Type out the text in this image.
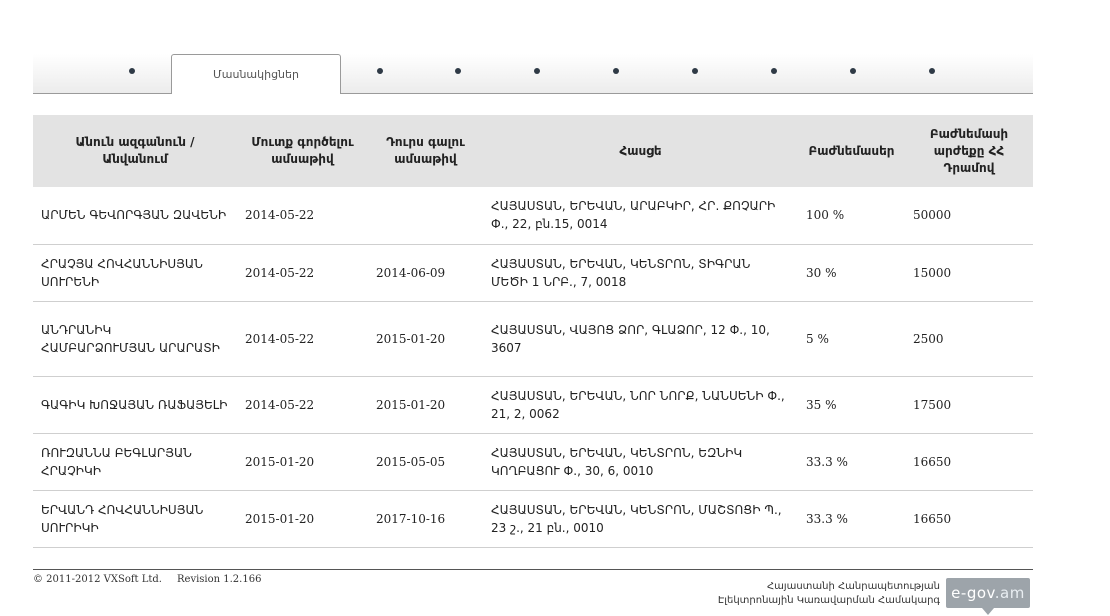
Մասնակիցներ
Անուն ազգանուն / Անվանում	Մուտք գործելու ամսաթիվ	Դուրս գալու ամսաթիվ	Հասցե	Բաժնեմասեր	Բաժնեմասի արժեքը ՀՀ Դրամով
ԱՐՄԵՆ ԳԵՎՈՐԳՅԱՆ ԶԱՎԵՆԻ	2014-05-22		ՀԱՅԱՍՏԱՆ, ԵՐԵՎԱՆ, ԱՐԱԲԿԻՐ, ՀՐ. ՔՈՉԱՐԻ Փ., 22, բն.15, 0014	100 %	50000
ՀՐԱՉՅԱ ՀՈՎՀԱՆՆԻՍՅԱՆ ՍՈՒՐԵՆԻ	2014-05-22	2014-06-09	ՀԱՅԱՍՏԱՆ, ԵՐԵՎԱՆ, ԿԵՆՏՐՈՆ, ՏԻԳՐԱՆ ՄԵԾԻ 1 ՆՐԲ., 7, 0018	30 %	15000
ԱՆԴՐԱՆԻԿ ՀԱՄԲԱՐՁՈՒՄՅԱՆ ԱՐԱՐԱՏԻ	2014-05-22	2015-01-20	ՀԱՅԱՍՏԱՆ, ՎԱՅՈՑ ՁՈՐ, ԳԼԱՁՈՐ, 12 Փ., 10, 3607	5 %	2500
ԳԱԳԻԿ ԽՈՋԱՅԱՆ ՌԱՖԱՅԵԼԻ	2014-05-22	2015-01-20	ՀԱՅԱՍՏԱՆ, ԵՐԵՎԱՆ, ՆՈՐ ՆՈՐՔ, ՆԱՆՍԵՆԻ Փ., 21, 2, 0062	35 %	17500
ՌՈՒԶԱՆՆԱ ԲԵԳԼԱՐՅԱՆ ՀՐԱՉԻԿԻ	2015-01-20	2015-05-05	ՀԱՅԱՍՏԱՆ, ԵՐԵՎԱՆ, ԿԵՆՏՐՈՆ, ԵԶՆԻԿ ԿՈՂԲԱՑՈՒ Փ., 30, 6, 0010	33.3 %	16650
ԵՐՎԱՆԴ ՀՈՎՀԱՆՆԻՍՅԱՆ ՍՈՒՐԻԿԻ	2015-01-20	2017-10-16	ՀԱՅԱՍՏԱՆ, ԵՐԵՎԱՆ, ԿԵՆՏՐՈՆ, ՄԱՇՏՈՑԻ Պ., 23 շ., 21 բն., 0010	33.3 %	16650
© 2011-2012 VXSoft Ltd. Revision 1.2.166
Հայաստանի Հանրապետության
Էլեկտրոնային Կառավարման Համակարգ e-gov.am
